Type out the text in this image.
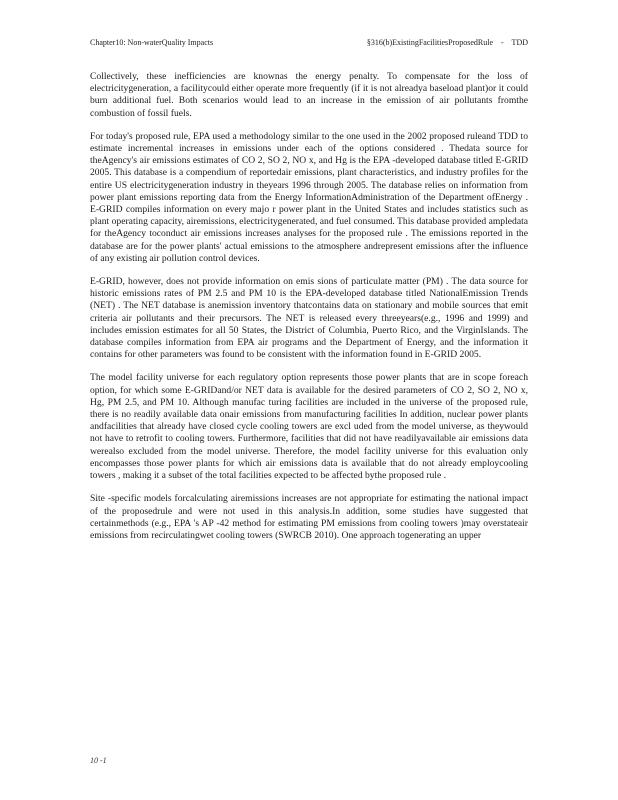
Chapter10: Non-waterQuality Impacts	§316(b)ExistingFacilitiesProposedRule - TDD

Collectively, these inefficiencies are knownas the energy penalty. To compensate for the loss of electricitygeneration, a facilitycould either operate more frequently (if it is not alreadya baseload plant)or it could burn additional fuel. Both scenarios would lead to an increase in the emission of air pollutants fromthe combustion of fossil fuels.

For today's proposed rule, EPA used a methodology similar to the one used in the 2002 proposed ruleand TDD to estimate incremental increases in emissions under each of the options considered . Thedata source for theAgency's air emissions estimates of CO 2, SO 2, NO x, and Hg is the EPA -developed database titled E-GRID 2005. This database is a compendium of reportedair emissions, plant characteristics, and industry profiles for the entire US electricitygeneration industry in theyears 1996 through 2005. The database relies on information from power plant emissions reporting data from the Energy InformationAdministration of the Department ofEnergy . E-GRID compiles information on every majo r power plant in the United States and includes statistics such as plant operating capacity, airemissions, electricitygenerated, and fuel consumed. This database provided ampledata for theAgency toconduct air emissions increases analyses for the proposed rule . The emissions reported in the database are for the power plants' actual emissions to the atmosphere andrepresent emissions after the influence of any existing air pollution control devices.

E-GRID, however, does not provide information on emis sions of particulate matter (PM) . The data source for historic emissions rates of PM 2.5 and PM 10 is the EPA-developed database titled NationalEmission Trends (NET) . The NET database is anemission inventory thatcontains data on stationary and mobile sources that emit criteria air pollutants and their precursors. The NET is released every threeyears(e.g., 1996 and 1999) and includes emission estimates for all 50 States, the District of Columbia, Puerto Rico, and the VirginIslands. The database compiles information from EPA air programs and the Department of Energy, and the information it contains for other parameters was found to be consistent with the information found in E-GRID 2005.

The model facility universe for each regulatory option represents those power plants that are in scope foreach option, for which some E-GRIDand/or NET data is available for the desired parameters of CO 2, SO 2, NO x, Hg, PM 2.5, and PM 10. Although manufac turing facilities are included in the universe of the proposed rule, there is no readily available data onair emissions from manufacturing facilities In addition, nuclear power plants andfacilities that already have closed cycle cooling towers are excl uded from the model universe, as theywould not have to retrofit to cooling towers. Furthermore, facilities that did not have readilyavailable air emissions data werealso excluded from the model universe. Therefore, the model facility universe for this evaluation only encompasses those power plants for which air emissions data is available that do not already employcooling towers , making it a subset of the total facilities expected to be affected bythe proposed rule .

Site -specific models forcalculating airemissions increases are not appropriate for estimating the national impact of the proposedrule and were not used in this analysis.In addition, some studies have suggested that certainmethods (e.g., EPA 's AP -42 method for estimating PM emissions from cooling towers )may overstateair emissions from recirculatingwet cooling towers (SWRCB 2010). One approach togenerating an upper

10 -1
